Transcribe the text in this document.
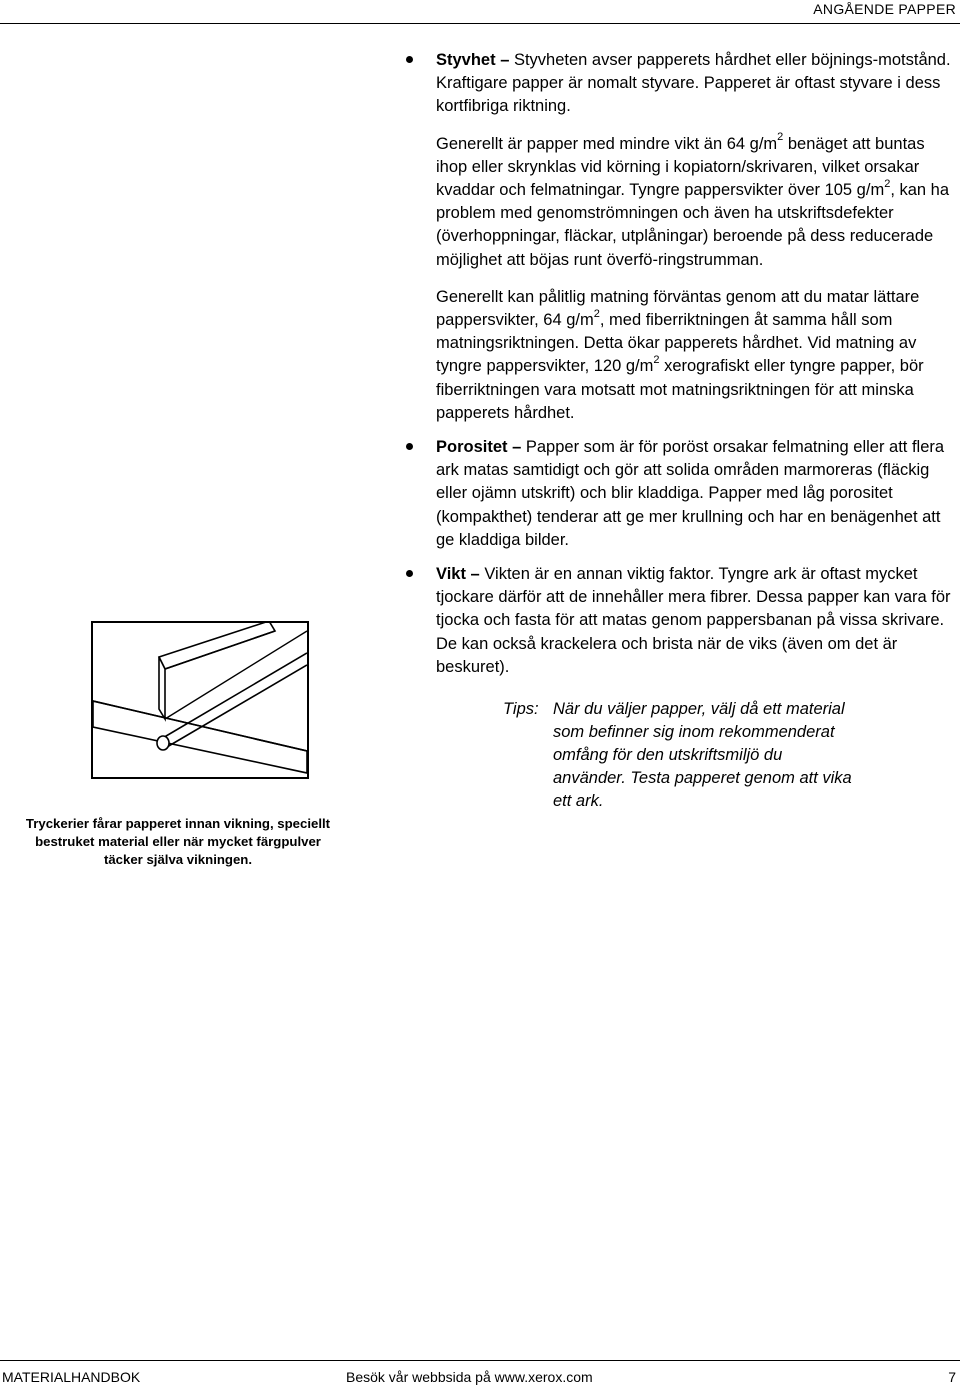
ANGÅENDE PAPPER

Styvhet – Styvheten avser papperets hårdhet eller böjnings-motstånd. Kraftigare papper är nomalt styvare. Papperet är oftast styvare i dess kortfibriga riktning.

Generellt är papper med mindre vikt än 64 $g/m^2$ benäget att buntas ihop eller skrynklas vid körning i kopiatorn/skrivaren, vilket orsakar kvaddar och felmatningar. Tyngre pappersvikter över 105 $g/m^2$, kan ha problem med genomströmningen och även ha utskriftsdefekter (överhoppningar, fläckar, utplåningar) beroende på dess reducerade möjlighet att böjas runt överfö-ringstrumman.

Generellt kan pålitlig matning förväntas genom att du matar lättare pappersvikter, 64 $g/m^2$, med fiberriktningen åt samma håll som matningsriktningen. Detta ökar papperets hårdhet. Vid matning av tyngre pappersvikter, 120 $g/m^2$ xerografiskt eller tyngre papper, bör fiberriktningen vara motsatt mot matningsriktningen för att minska papperets hårdhet.

Porositet – Papper som är för poröst orsakar felmatning eller att flera ark matas samtidigt och gör att solida områden marmoreras (fläckig eller ojämn utskrift) och blir kladdiga. Papper med låg porositet (kompakthet) tenderar att ge mer krullning och har en benägenhet att ge kladdiga bilder.

Vikt – Vikten är en annan viktig faktor. Tyngre ark är oftast mycket tjockare därför att de innehåller mera fibrer. Dessa papper kan vara för tjocka och fasta för att matas genom pappersbanan på vissa skrivare. De kan också krackelera och brista när de viks (även om det är beskuret).

Tips: När du väljer papper, välj då ett material som befinner sig inom rekommenderat omfång för den utskriftsmiljö du använder. Testa papperet genom att vika ett ark.
Tryckerier fårar papperet innan vikning, speciellt bestruket material eller när mycket färgpulver täcker själva vikningen.
MATERIALHANDBOK	Besök vår webbsida på www.xerox.com	7
